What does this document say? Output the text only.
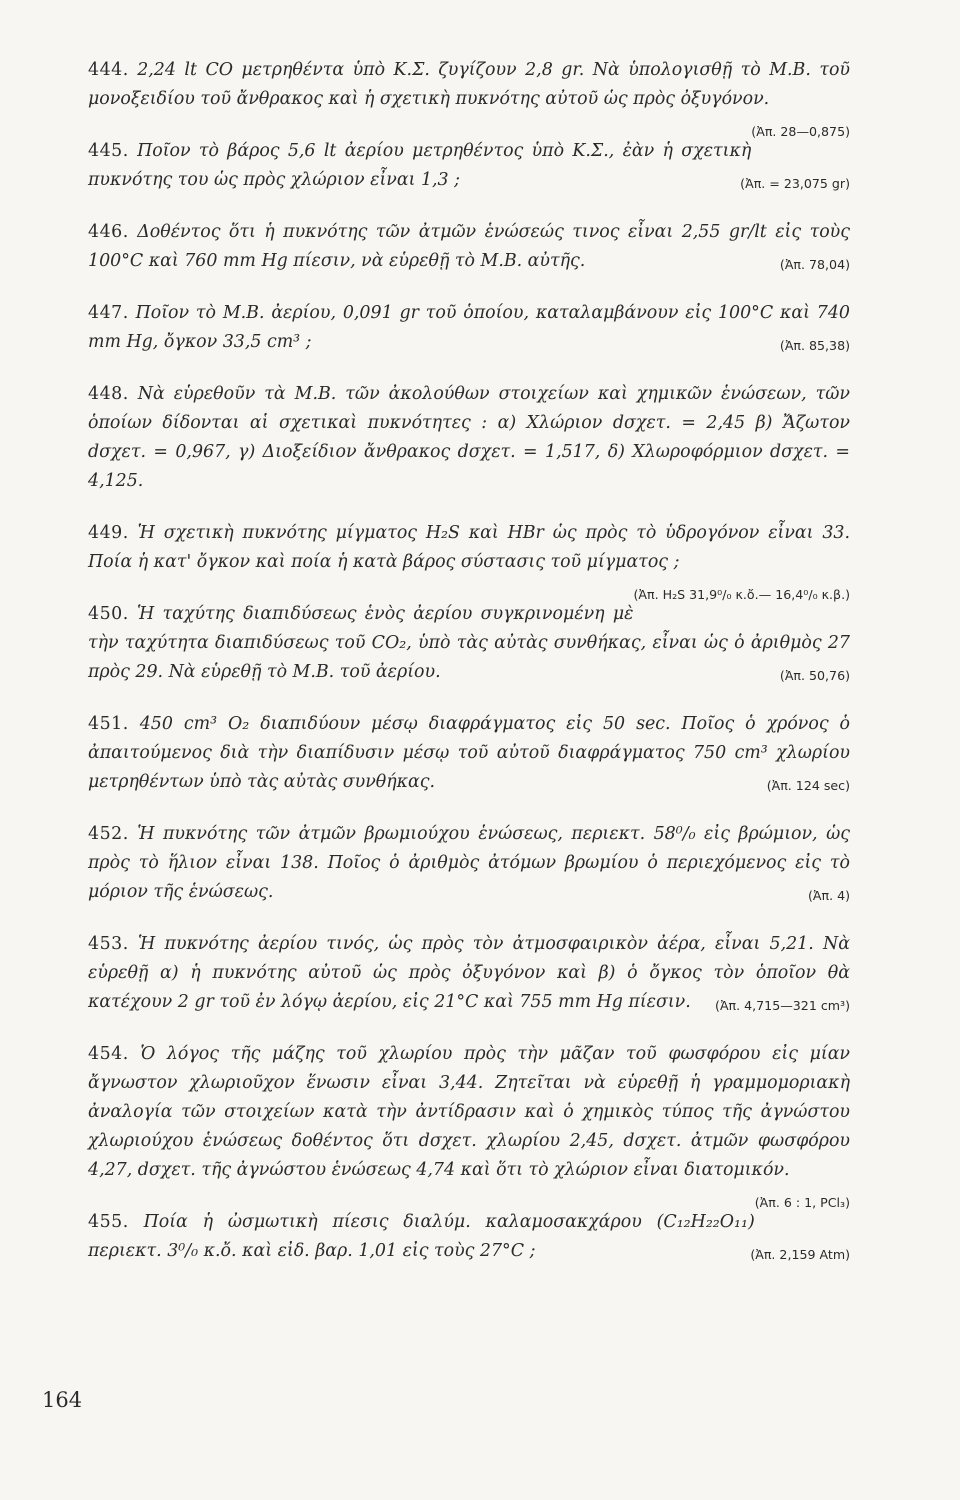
444. 2,24 lt CO μετρηθέντα ὑπὸ Κ.Σ. ζυγίζουν 2,8 gr. Νὰ ὑπολογισθῇ τὸ Μ.Β. τοῦ μονοξειδίου τοῦ ἄνθρακος καὶ ἡ σχετικὴ πυκνότης αὐτοῦ ὡς πρὸς ὀξυγόνον.
(Ἀπ. 28—0,875)

445. Ποῖον τὸ βάρος 5,6 lt ἀερίου μετρηθέντος ὑπὸ Κ.Σ., ἐὰν ἡ σχετικὴ πυκνότης του ὡς πρὸς χλώριον εἶναι 1,3 ;	(Ἀπ. = 23,075 gr)

446. Δοθέντος ὅτι ἡ πυκνότης τῶν ἀτμῶν ἑνώσεώς τινος εἶναι 2,55 gr/lt εἰς τοὺς 100°C καὶ 760 mm Hg πίεσιν, νὰ εὑρεθῇ τὸ Μ.Β. αὐτῆς.	(Ἀπ. 78,04)

447. Ποῖον τὸ Μ.Β. ἀερίου, 0,091 gr τοῦ ὁποίου, καταλαμβάνουν εἰς 100°C καὶ 740 mm Hg, ὄγκον 33,5 cm³ ;	(Ἀπ. 85,38)

448. Νὰ εὑρεθοῦν τὰ Μ.Β. τῶν ἀκολούθων στοιχείων καὶ χημικῶν ἑνώσεων, τῶν ὁποίων δίδονται αἱ σχετικαὶ πυκνότητες : α) Χλώριον dσχετ. = 2,45 β) Ἄζωτον dσχετ. = 0,967, γ) Διοξείδιον ἄνθρακος dσχετ. = 1,517, δ) Χλωροφόρμιον dσχετ. = 4,125.

449. Ἡ σχετικὴ πυκνότης μίγματος H₂S καὶ HBr ὡς πρὸς τὸ ὑδρογόνον εἶναι 33. Ποία ἡ κατ' ὄγκον καὶ ποία ἡ κατὰ βάρος σύστασις τοῦ μίγματος ;
(Ἀπ. H₂S 31,9⁰/₀ κ.ὄ.— 16,4⁰/₀ κ.β.)

450. Ἡ ταχύτης διαπιδύσεως ἑνὸς ἀερίου συγκρινομένη μὲ τὴν ταχύτητα διαπιδύσεως τοῦ CO₂, ὑπὸ τὰς αὐτὰς συνθήκας, εἶναι ὡς ὁ ἀριθμὸς 27 πρὸς 29. Νὰ εὑρεθῇ τὸ Μ.Β. τοῦ ἀερίου.	(Ἀπ. 50,76)

451. 450 cm³ O₂ διαπιδύουν μέσῳ διαφράγματος εἰς 50 sec. Ποῖος ὁ χρόνος ὁ ἀπαιτούμενος διὰ τὴν διαπίδυσιν μέσῳ τοῦ αὐτοῦ διαφράγματος 750 cm³ χλωρίου μετρηθέντων ὑπὸ τὰς αὐτὰς συνθήκας.	(Ἀπ. 124 sec)

452. Ἡ πυκνότης τῶν ἀτμῶν βρωμιούχου ἑνώσεως, περιεκτ. 58⁰/₀ εἰς βρώμιον, ὡς πρὸς τὸ ἥλιον εἶναι 138. Ποῖος ὁ ἀριθμὸς ἀτόμων βρωμίου ὁ περιεχόμενος εἰς τὸ μόριον τῆς ἑνώσεως.	(Ἀπ. 4)

453. Ἡ πυκνότης ἀερίου τινός, ὡς πρὸς τὸν ἀτμοσφαιρικὸν ἀέρα, εἶναι 5,21. Νὰ εὑρεθῇ α) ἡ πυκνότης αὐτοῦ ὡς πρὸς ὀξυγόνον καὶ β) ὁ ὄγκος τὸν ὁποῖον θὰ κατέχουν 2 gr τοῦ ἐν λόγῳ ἀερίου, εἰς 21°C καὶ 755 mm Hg πίεσιν. (Ἀπ. 4,715—321 cm³)

454. Ὁ λόγος τῆς μάζης τοῦ χλωρίου πρὸς τὴν μᾶζαν τοῦ φωσφόρου εἰς μίαν ἄγνωστον χλωριοῦχον ἕνωσιν εἶναι 3,44. Ζητεῖται νὰ εὑρεθῇ ἡ γραμμομοριακὴ ἀναλογία τῶν στοιχείων κατὰ τὴν ἀντίδρασιν καὶ ὁ χημικὸς τύπος τῆς ἀγνώστου χλωριούχου ἑνώσεως δοθέντος ὅτι dσχετ. χλωρίου 2,45, dσχετ. ἀτμῶν φωσφόρου 4,27, dσχετ. τῆς ἀγνώστου ἑνώσεως 4,74 καὶ ὅτι τὸ χλώριον εἶναι διατομικόν.
(Ἀπ. 6 : 1, PCl₃)

455. Ποία ἡ ὠσμωτικὴ πίεσις διαλύμ. καλαμοσακχάρου (C₁₂H₂₂O₁₁) περιεκτ. 3⁰/₀ κ.ὄ. καὶ εἰδ. βαρ. 1,01 εἰς τοὺς 27°C ;	(Ἀπ. 2,159 Atm)

164
